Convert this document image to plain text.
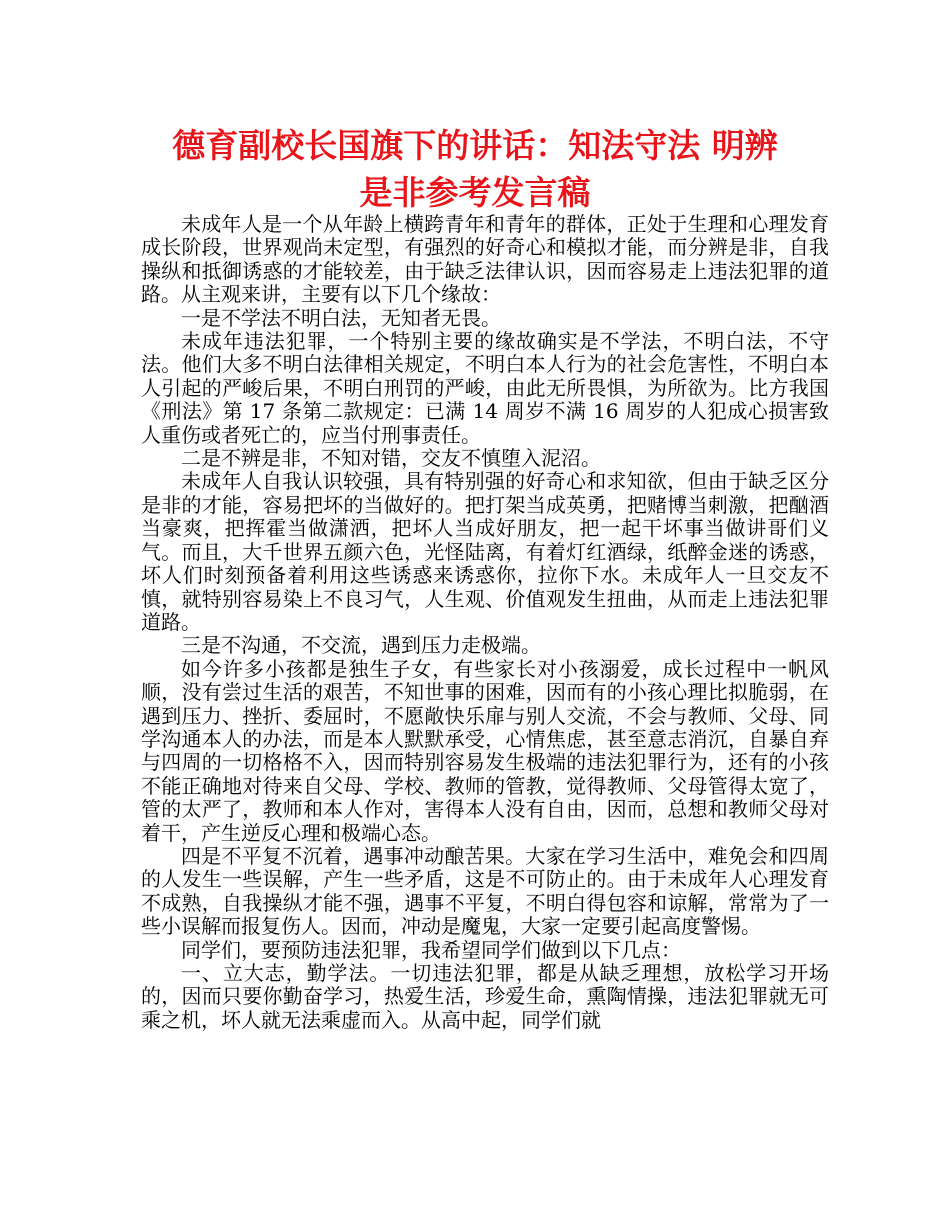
德育副校长国旗下的讲话：知法守法 明辨
是非参考发言稿

未成年人是一个从年龄上横跨青年和青年的群体，正处于生理和心理发育成长阶段，世界观尚未定型，有强烈的好奇心和模拟才能，而分辨是非，自我操纵和抵御诱惑的才能较差，由于缺乏法律认识，因而容易走上违法犯罪的道路。从主观来讲，主要有以下几个缘故：

一是不学法不明白法，无知者无畏。

未成年违法犯罪，一个特别主要的缘故确实是不学法，不明白法，不守法。他们大多不明白法律相关规定，不明白本人行为的社会危害性，不明白本人引起的严峻后果，不明白刑罚的严峻，由此无所畏惧，为所欲为。比方我国《刑法》第 17 条第二款规定：已满 14 周岁不满 16 周岁的人犯成心损害致人重伤或者死亡的，应当付刑事责任。

二是不辨是非，不知对错，交友不慎堕入泥沼。

未成年人自我认识较强，具有特别强的好奇心和求知欲，但由于缺乏区分是非的才能，容易把坏的当做好的。把打架当成英勇，把赌博当刺激，把酗酒当豪爽，把挥霍当做潇洒，把坏人当成好朋友，把一起干坏事当做讲哥们义气。而且，大千世界五颜六色，光怪陆离，有着灯红酒绿，纸醉金迷的诱惑，坏人们时刻预备着利用这些诱惑来诱惑你，拉你下水。未成年人一旦交友不慎，就特别容易染上不良习气，人生观、价值观发生扭曲，从而走上违法犯罪道路。

三是不沟通，不交流，遇到压力走极端。

如今许多小孩都是独生子女，有些家长对小孩溺爱，成长过程中一帆风顺，没有尝过生活的艰苦，不知世事的困难，因而有的小孩心理比拟脆弱，在遇到压力、挫折、委屈时，不愿敞快乐扉与别人交流，不会与教师、父母、同学沟通本人的办法，而是本人默默承受，心情焦虑，甚至意志消沉，自暴自弃与四周的一切格格不入，因而特别容易发生极端的违法犯罪行为，还有的小孩不能正确地对待来自父母、学校、教师的管教，觉得教师、父母管得太宽了，管的太严了，教师和本人作对，害得本人没有自由，因而，总想和教师父母对着干，产生逆反心理和极端心态。

四是不平复不沉着，遇事冲动酿苦果。大家在学习生活中，难免会和四周的人发生一些误解，产生一些矛盾，这是不可防止的。由于未成年人心理发育不成熟，自我操纵才能不强，遇事不平复，不明白得包容和谅解，常常为了一些小误解而报复伤人。因而，冲动是魔鬼，大家一定要引起高度警惕。

同学们，要预防违法犯罪，我希望同学们做到以下几点：

一、立大志，勤学法。一切违法犯罪，都是从缺乏理想，放松学习开场的，因而只要你勤奋学习，热爱生活，珍爱生命，熏陶情操，违法犯罪就无可乘之机，坏人就无法乘虚而入。从高中起，同学们就
